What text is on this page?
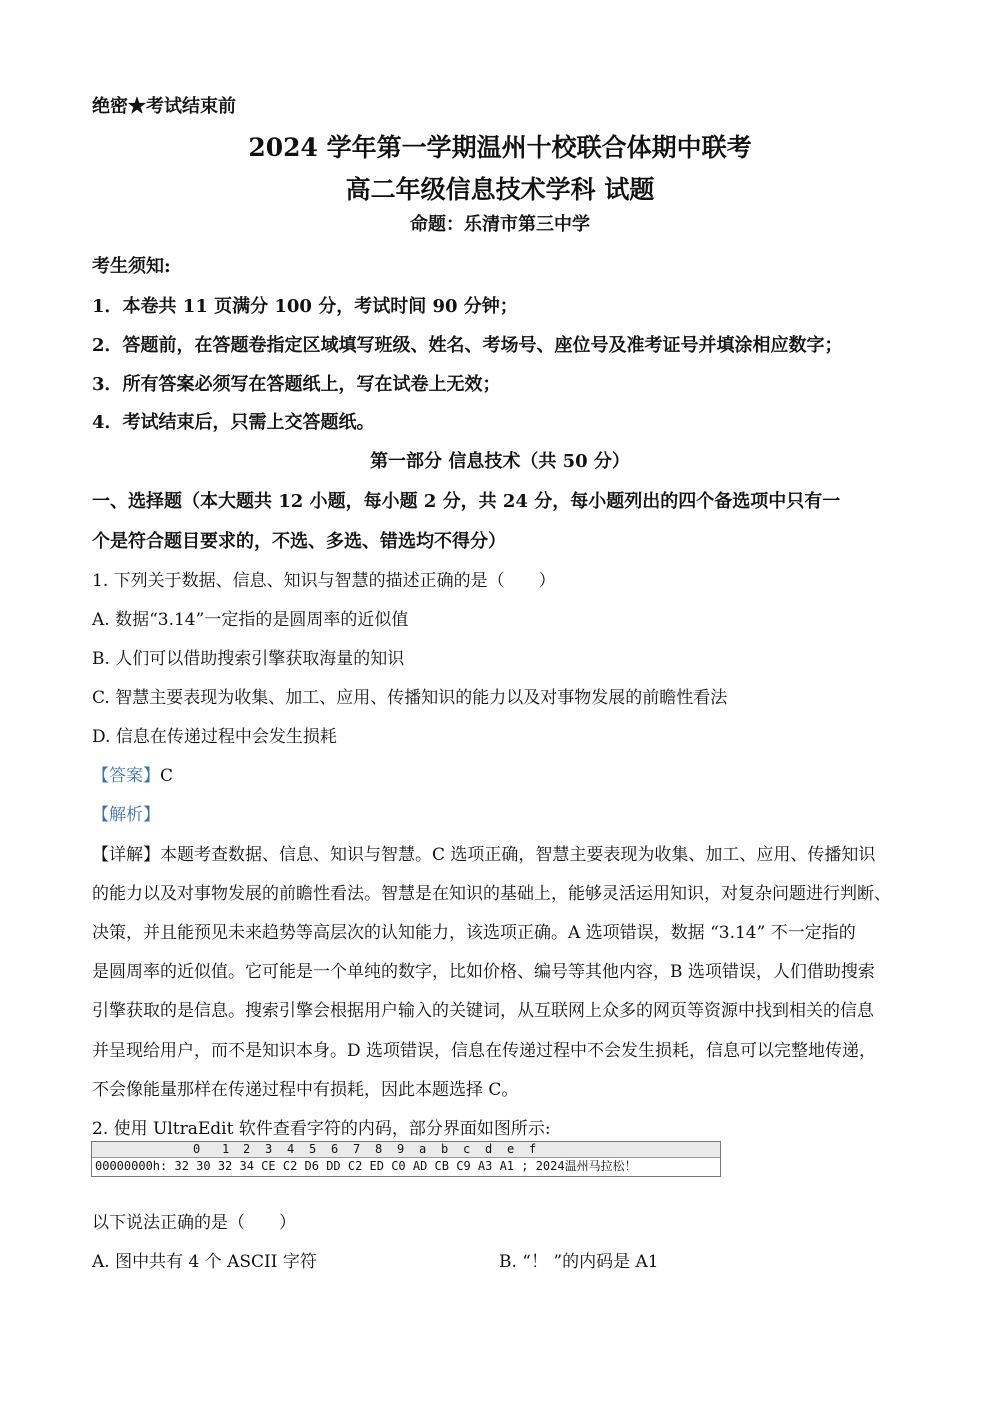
绝密★考试结束前
2024 学年第一学期温州十校联合体期中联考
高二年级信息技术学科 试题
命题：乐清市第三中学
考生须知:
1．本卷共 11 页满分 100 分，考试时间 90 分钟；
2．答题前，在答题卷指定区域填写班级、姓名、考场号、座位号及准考证号并填涂相应数字；
3．所有答案必须写在答题纸上，写在试卷上无效；
4．考试结束后，只需上交答题纸。
第一部分 信息技术（共 50 分）
一、选择题（本大题共 12 小题，每小题 2 分，共 24 分，每小题列出的四个备选项中只有一
个是符合题目要求的，不选、多选、错选均不得分）
1. 下列关于数据、信息、知识与智慧的描述正确的是（　　）
A. 数据“3.14”一定指的是圆周率的近似值
B. 人们可以借助搜索引擎获取海量的知识
C. 智慧主要表现为收集、加工、应用、传播知识的能力以及对事物发展的前瞻性看法
D. 信息在传递过程中会发生损耗
【答案】C
【解析】
【详解】本题考查数据、信息、知识与智慧。C 选项正确，智慧主要表现为收集、加工、应用、传播知识
的能力以及对事物发展的前瞻性看法。智慧是在知识的基础上，能够灵活运用知识，对复杂问题进行判断、
决策，并且能预见未来趋势等高层次的认知能力，该选项正确。A 选项错误，数据 “3.14” 不一定指的
是圆周率的近似值。它可能是一个单纯的数字，比如价格、编号等其他内容，B 选项错误，人们借助搜索
引擎获取的是信息。搜索引擎会根据用户输入的关键词，从互联网上众多的网页等资源中找到相关的信息
并呈现给用户，而不是知识本身。D 选项错误，信息在传递过程中不会发生损耗，信息可以完整地传递，
不会像能量那样在传递过程中有损耗，因此本题选择 C。
2. 使用 UltraEdit 软件查看字符的内码，部分界面如图所示:
0 1 2 3 4 5 6 7 8 9 a b c d e f
00000000h: 32 30 32 34 CE C2 D6 DD C2 ED C0 AD CB C9 A3 A1 ; 2024温州马拉松！
以下说法正确的是（　　）
A. 图中共有 4 个 ASCII 字符	B. “！ ”的内码是 A1
